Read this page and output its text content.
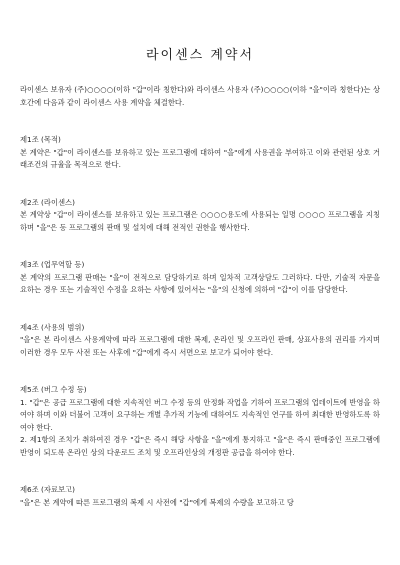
라이센스 계약서

라이센스 보유자 (주)○○○○(이하 "갑"이라 칭한다)와 라이센스 사용자 (주)○○○○(이하 "을"이라 칭한다)는 상호간에 다음과 같이 라이센스 사용 계약을 체결한다.

제1조 (목적)

본 계약은 "갑"이 라이센스를 보유하고 있는 프로그램에 대하여 "을"에게 사용권을 부여하고 이와 관련된 상호 거래조건의 규율을 목적으로 한다.

제2조 (라이센스)

본 계약상 "갑"이 라이센스를 보유하고 있는 프로그램은 ○○○○용도에 사용되는 일명 ○○○○ 프로그램을 지칭하며 "을"은 동 프로그램의 판매 및 설치에 대해 전적인 권한을 행사한다.

제3조 (업무역할 등)

본 계약의 프로그램 판매는 "을"이 전적으로 담당하기로 하며 일차적 고객상담도 그러하다. 다만, 기술적 자문을 요하는 경우 또는 기술적인 수정을 요하는 사항에 있어서는 "을"의 신청에 의하여 "갑"이 이를 담당한다.

제4조 (사용의 범위)

"을"은 본 라이센스 사용계약에 따라 프로그램에 대한 복제, 온라인 및 오프라인 판매, 상표사용의 권리를 가지며 이러한 경우 모두 사전 또는 사후에 "갑"에게 즉시 서면으로 보고가 되어야 한다.

제5조 (버그 수정 등)

1. "갑"은 공급 프로그램에 대한 지속적인 버그 수정 등의 안정화 작업을 기하여 프로그램의 업데이트에 반영을 하여야 하며 이와 더불어 고객이 요구하는 개별 추가적 기능에 대하여도 지속적인 연구를 하여 최대한 반영하도록 하여야 한다.

2. 제1항의 조치가 취하여진 경우 "갑"은 즉시 해당 사항을 "을"에게 통지하고 "을"은 즉시 판매중인 프로그램에 반영이 되도록 온라인 상의 다운로드 조치 및 오프라인상의 개정판 공급을 하여야 한다.

제6조 (자료보고)

"을"은 본 계약에 따른 프로그램의 복제 시 사전에 "갑"에게 복제의 수량을 보고하고 당
